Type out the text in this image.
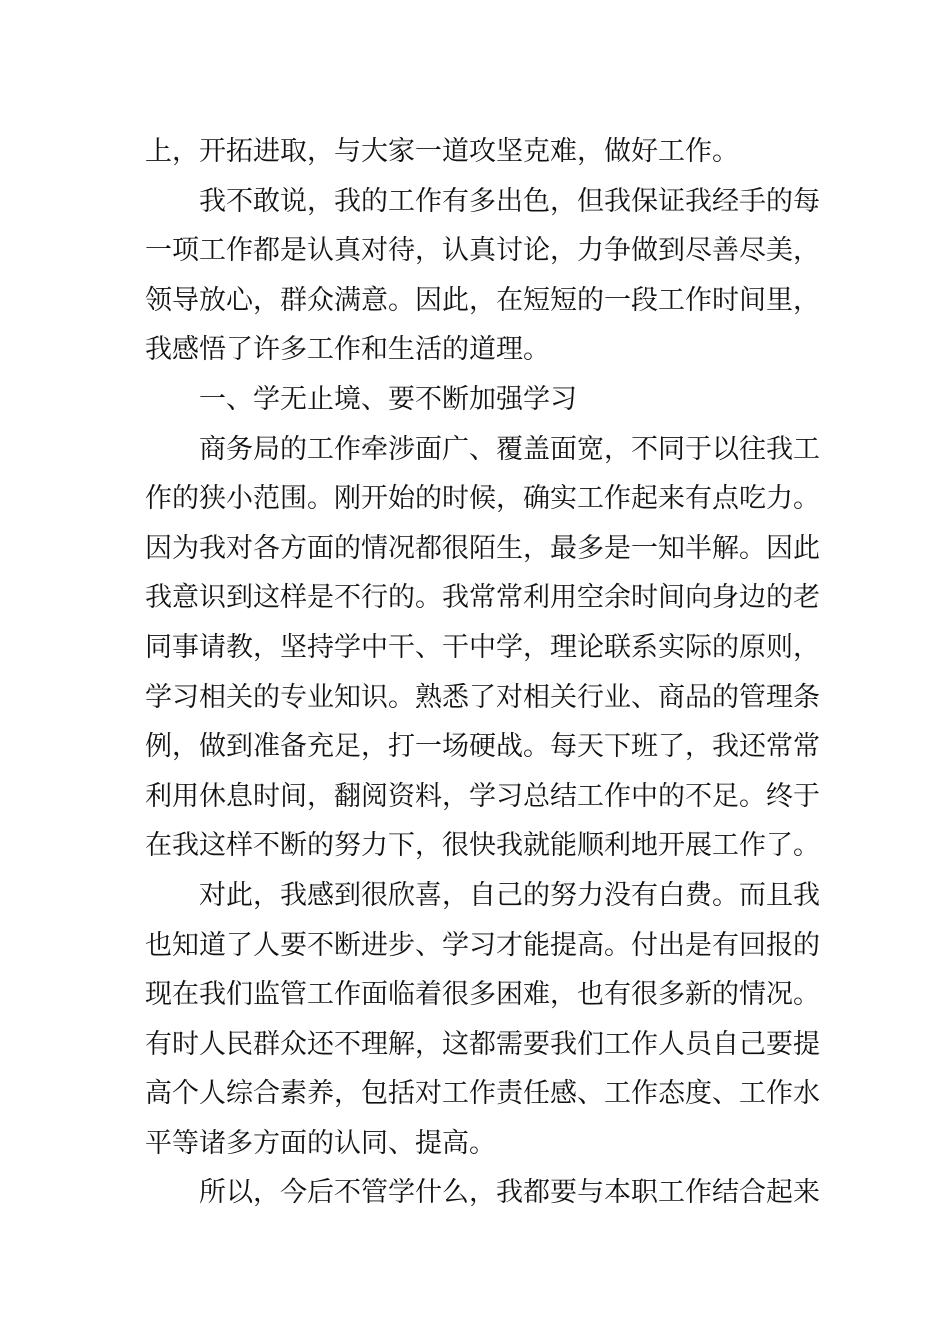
上，开拓进取，与大家一道攻坚克难，做好工作。
我不敢说，我的工作有多出色，但我保证我经手的每
一项工作都是认真对待，认真讨论，力争做到尽善尽美，
领导放心，群众满意。因此，在短短的一段工作时间里，
我感悟了许多工作和生活的道理。
一、学无止境、要不断加强学习
商务局的工作牵涉面广、覆盖面宽，不同于以往我工
作的狭小范围。刚开始的时候，确实工作起来有点吃力。
因为我对各方面的情况都很陌生，最多是一知半解。因此
我意识到这样是不行的。我常常利用空余时间向身边的老
同事请教，坚持学中干、干中学，理论联系实际的原则，
学习相关的专业知识。熟悉了对相关行业、商品的管理条
例，做到准备充足，打一场硬战。每天下班了，我还常常
利用休息时间，翻阅资料，学习总结工作中的不足。终于
在我这样不断的努力下，很快我就能顺利地开展工作了。
对此，我感到很欣喜，自己的努力没有白费。而且我
也知道了人要不断进步、学习才能提高。付出是有回报的
现在我们监管工作面临着很多困难，也有很多新的情况。
有时人民群众还不理解，这都需要我们工作人员自己要提
高个人综合素养，包括对工作责任感、工作态度、工作水
平等诸多方面的认同、提高。
所以，今后不管学什么，我都要与本职工作结合起来
